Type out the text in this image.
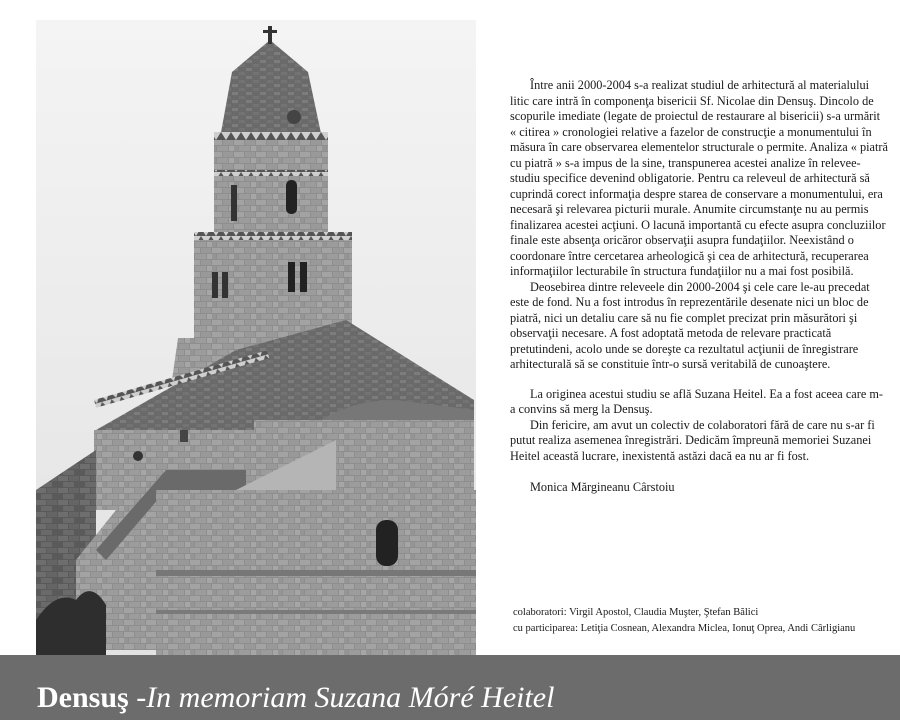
Între anii 2000-2004 s-a realizat studiul de arhitectură al materialului litic care intră în componenţa bisericii Sf. Nicolae din Densuş. Dincolo de scopurile imediate (legate de proiectul de restaurare al bisericii) s-a urmărit « citirea » cronologiei relative a fazelor de construcţie a monumentului în măsura în care observarea elementelor structurale o permite. Analiza « piatră cu piatră » s-a impus de la sine, transpunerea acestei analize în relevee-studiu specifice devenind obligatorie. Pentru ca releveul de arhitectură să cuprindă corect informaţia despre starea de conservare a monumentului, era necesară şi relevarea picturii murale. Anumite circumstanţe nu au permis finalizarea acestei acţiuni. O lacună importantă cu efecte asupra concluziilor finale este absenţa oricăror observaţii asupra fundaţiilor. Neexistând o coordonare între cercetarea arheologică şi cea de arhitectură, recuperarea informaţiilor lecturabile în structura fundaţiilor nu a mai fost posibilă.

Deosebirea dintre releveele din 2000-2004 şi cele care le-au precedat este de fond. Nu a fost introdus în reprezentările desenate nici un bloc de piatră, nici un detaliu care să nu fie complet precizat prin măsurători şi observaţii necesare. A fost adoptată metoda de relevare practicată pretutindeni, acolo unde se doreşte ca rezultatul acţiunii de înregistrare arhitecturală să se constituie într-o sursă veritabilă de cunoaştere.

La originea acestui studiu se află Suzana Heitel. Ea a fost aceea care m-a convins să merg la Densuş.

Din fericire, am avut un colectiv de colaboratori fără de care nu s-ar fi putut realiza asemenea înregistrări. Dedicăm împreună memoriei Suzanei Heitel această lucrare, inexistentă astăzi dacă ea nu ar fi fost.

Monica Mărgineanu Cârstoiu

colaboratori: Virgil Apostol, Claudia Muşter, Ştefan Bălici
cu participarea: Letiţia Cosnean, Alexandra Miclea, Ionuţ Oprea, Andi Cârligianu
Densuş -In memoriam Suzana Móré Heitel
